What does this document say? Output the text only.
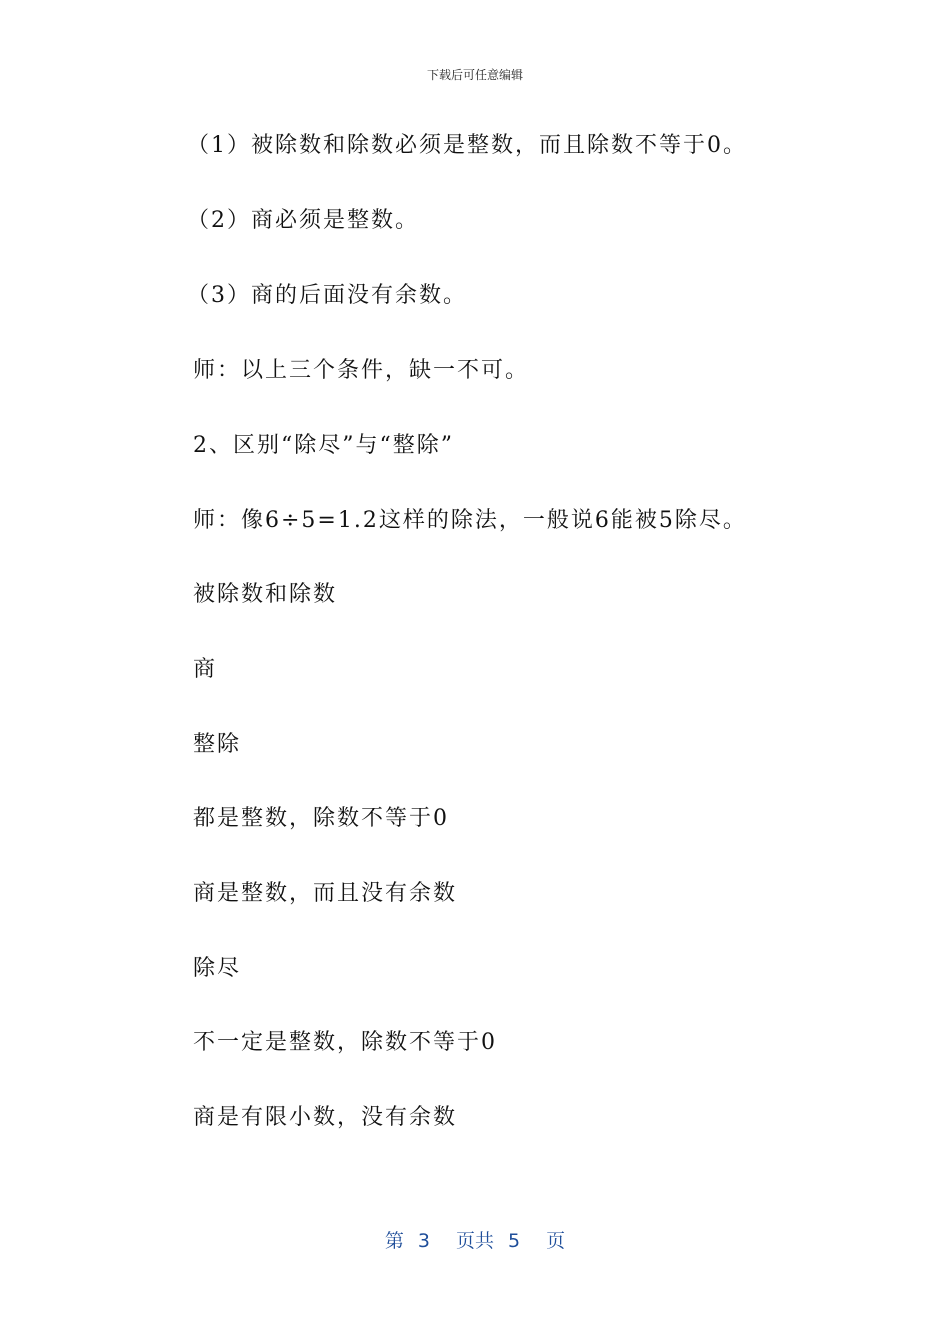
下载后可任意编辑
（1）被除数和除数必须是整数，而且除数不等于0。
（2）商必须是整数。
（3）商的后面没有余数。
师：以上三个条件，缺一不可。
2、区别“除尽”与“整除”
师：像6÷5=1.2这样的除法，一般说6能被5除尽。
被除数和除数
商
整除
都是整数，除数不等于0
商是整数，而且没有余数
除尽
不一定是整数，除数不等于0
商是有限小数，没有余数
第 3 页共 5 页
